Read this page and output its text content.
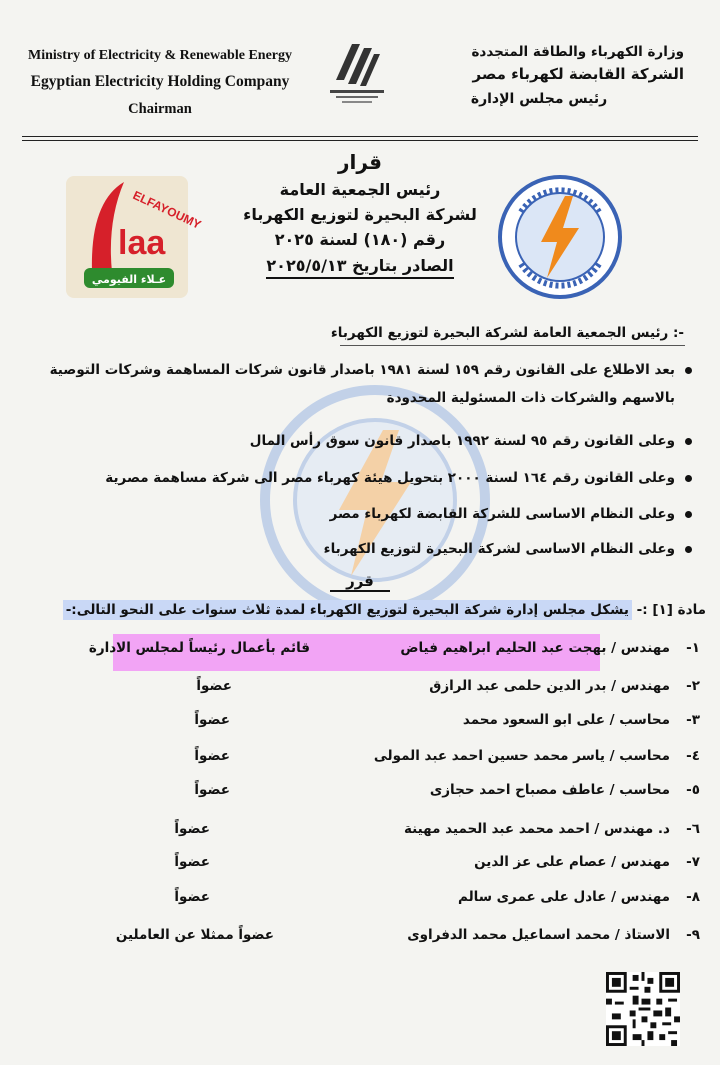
Ministry of Electricity & Renewable Energy
Egyptian Electricity Holding Company
Chairman
وزارة الكهرباء والطاقة المتجددة
الشركة القابضة لكهرباء مصر
رئيس مجلس الإدارة
ELFAYOUMY
laa
عـلاء الفيومي
قرار
رئيس الجمعية العامة
لشركة البحيرة لتوزيع الكهرباء
رقم (١٨٠) لسنة ٢٠٢٥
الصادر بتاريخ ٢٠٢٥/٥/١٣
رئيس الجمعية العامة لشركة البحيرة لتوزيع الكهرباء :-
بعد الاطلاع على القانون رقم ١٥٩ لسنة ١٩٨١ باصدار قانون شركات المساهمة وشركات التوصية
بالاسهم والشركات ذات المسئولية المحدودة
وعلى القانون رقم ٩٥ لسنة ١٩٩٢ باصدار قانون سوق رأس المال
وعلى القانون رقم ١٦٤ لسنة ٢٠٠٠ بتحويل هيئة كهرباء مصر الى شركة مساهمة مصرية
وعلى النظام الاساسى للشركة القابضة لكهرباء مصر
وعلى النظام الاساسى لشركة البحيرة لتوزيع الكهرباء
قرر
مادة [١] :- يشكل مجلس إدارة شركة البحيرة لتوزيع الكهرباء لمدة ثلاث سنوات على النحو التالى:-
١-
مهندس / بهجت عبد الحليم ابراهيم فياض
قائم بأعمال رئيساً لمجلس الادارة
٢-
مهندس / بدر الدين حلمى عبد الرازق
عضواً
٣-
محاسب / على ابو السعود محمد
عضواً
٤-
محاسب / ياسر محمد حسين احمد عبد المولى
عضواً
٥-
محاسب / عاطف مصباح احمد حجازى
عضواً
٦-
د. مهندس / احمد محمد عبد الحميد مهينة
عضواً
٧-
مهندس / عصام على عز الدين
عضواً
٨-
مهندس / عادل على عمرى سالم
عضواً
٩-
الاستاذ / محمد اسماعيل محمد الدفراوى
عضواً ممثلا عن العاملين
